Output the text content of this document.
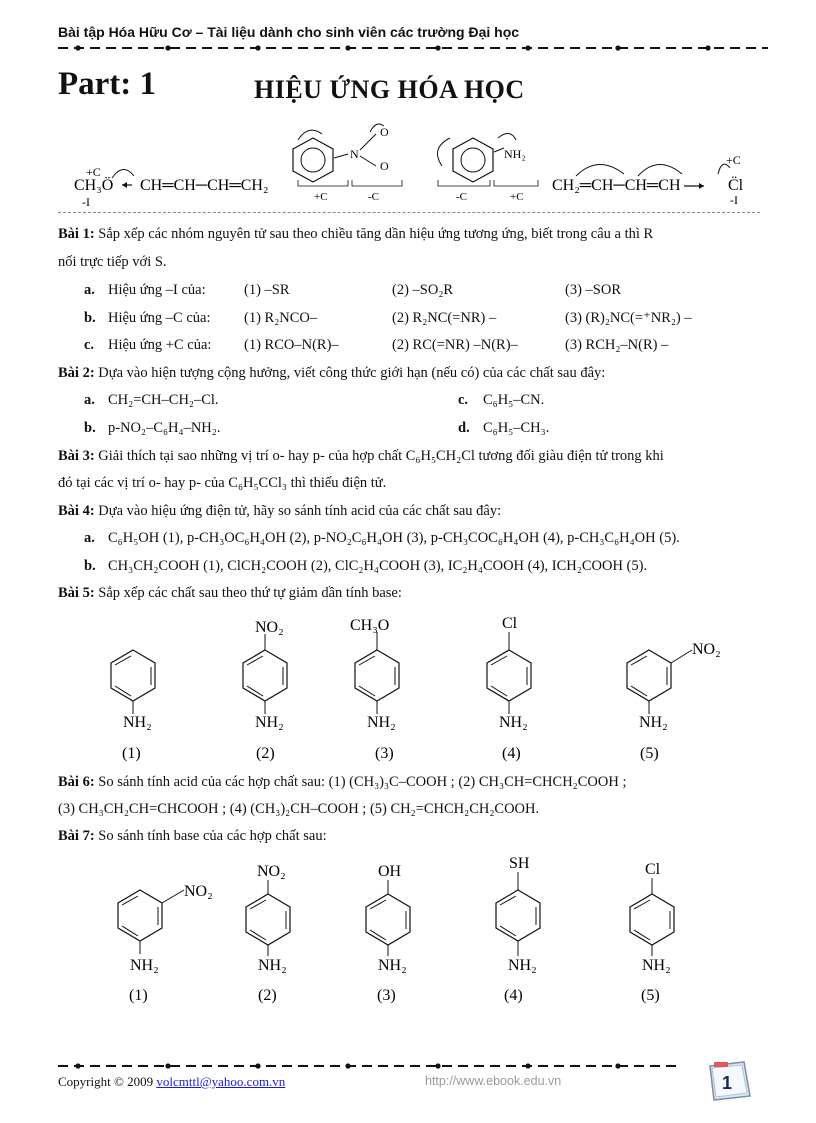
Bài tập Hóa Hữu Cơ – Tài liệu dành cho sinh viên các trường Đại học
Part: 1	HIỆU ỨNG HÓA HỌC
+C
CH₃Ö
-I
CH═CH─CH═CH₂
N
O
O
+C	-C
NH₂
-C	+C
CH₂═CH─CH═CH	C̈l
+C
-I
Bài 1: Sắp xếp các nhóm nguyên tử sau theo chiều tăng dần hiệu ứng tương ứng, biết trong câu a thì R
nối trực tiếp với S.
a. Hiệu ứng –I của:	(1) –SR	(2) –SO₂R	(3) –SOR
b. Hiệu ứng –C của: (1) R₂NCO–	(2) R₂NC(=NR) –	(3) (R)₂NC(=⁺NR₂) –
c. Hiệu ứng +C của: (1) RCO–N(R)–	(2) RC(=NR) –N(R)–	(3) RCH₂–N(R) –
Bài 2: Dựa vào hiện tượng cộng hưởng, viết công thức giới hạn (nếu có) của các chất sau đây:
a. CH₂=CH–CH₂–Cl.	c. C₆H₅–CN.
b. p-NO₂–C₆H₄–NH₂.	d. C₆H₅–CH₃.
Bài 3: Giải thích tại sao những vị trí o- hay p- của hợp chất C₆H₅CH₂Cl tương đối giàu điện tử trong khi
đó tại các vị trí o- hay p- của C₆H₅CCl₃ thì thiếu điện tử.
Bài 4: Dựa vào hiệu ứng điện tử, hãy so sánh tính acid của các chất sau đây:
a. C₆H₅OH (1), p-CH₃OC₆H₄OH (2), p-NO₂C₆H₄OH (3), p-CH₃COC₆H₄OH (4), p-CH₃C₆H₄OH (5).
b. CH₃CH₂COOH (1), ClCH₂COOH (2), ClC₂H₄COOH (3), IC₂H₄COOH (4), ICH₂COOH (5).
Bài 5: Sắp xếp các chất sau theo thứ tự giảm dần tính base:
NH₂
NO₂
NH₂
CH₃O
NH₂
Cl
NH₂
NO₂
NH₂
(1)	(2)	(3)	(4)	(5)
Bài 6: So sánh tính acid của các hợp chất sau: (1) (CH₃)₃C–COOH ; (2) CH₃CH=CHCH₂COOH ;
(3) CH₃CH₂CH=CHCOOH ; (4) (CH₃)₂CH–COOH ; (5) CH₂=CHCH₂CH₂COOH.
Bài 7: So sánh tính base của các hợp chất sau:
NO₂
NH₂
NO₂
NH₂
OH
NH₂
SH
NH₂
Cl
NH₂
(1)	(2)	(3)	(4)	(5)
Copyright © 2009 volcmttl@yahoo.com.vn	http://www.ebook.edu.vn	1
